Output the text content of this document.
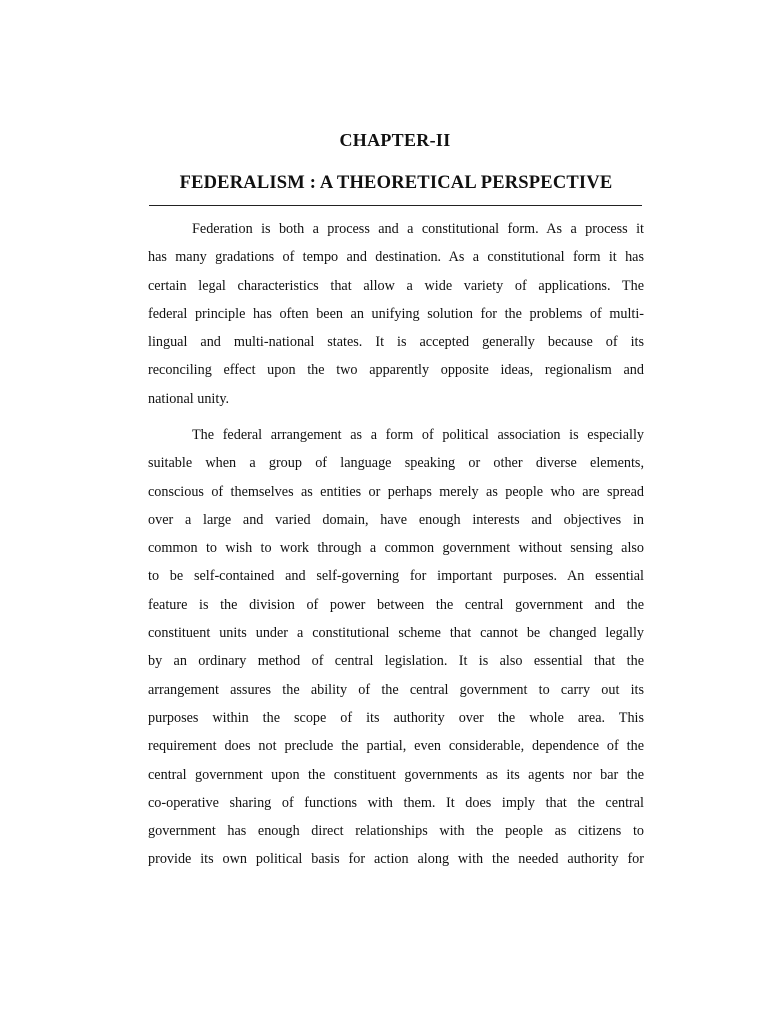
CHAPTER-II
FEDERALISM : A THEORETICAL PERSPECTIVE
Federation is both a process and a constitutional form. As a process it
has many gradations of tempo and destination. As a constitutional form it has
certain legal characteristics that allow a wide variety of applications. The
federal principle has often been an unifying solution for the problems of multi-
lingual and multi-national states. It is accepted generally because of its
reconciling effect upon the two apparently opposite ideas, regionalism and
national unity.
The federal arrangement as a form of political association is especially
suitable when a group of language speaking or other diverse elements,
conscious of themselves as entities or perhaps merely as people who are spread
over a large and varied domain, have enough interests and objectives in
common to wish to work through a common government without sensing also
to be self-contained and self-governing for important purposes. An essential
feature is the division of power between the central government and the
constituent units under a constitutional scheme that cannot be changed legally
by an ordinary method of central legislation. It is also essential that the
arrangement assures the ability of the central government to carry out its
purposes within the scope of its authority over the whole area. This
requirement does not preclude the partial, even considerable, dependence of the
central government upon the constituent governments as its agents nor bar the
co-operative sharing of functions with them. It does imply that the central
government has enough direct relationships with the people as citizens to
provide its own political basis for action along with the needed authority for
